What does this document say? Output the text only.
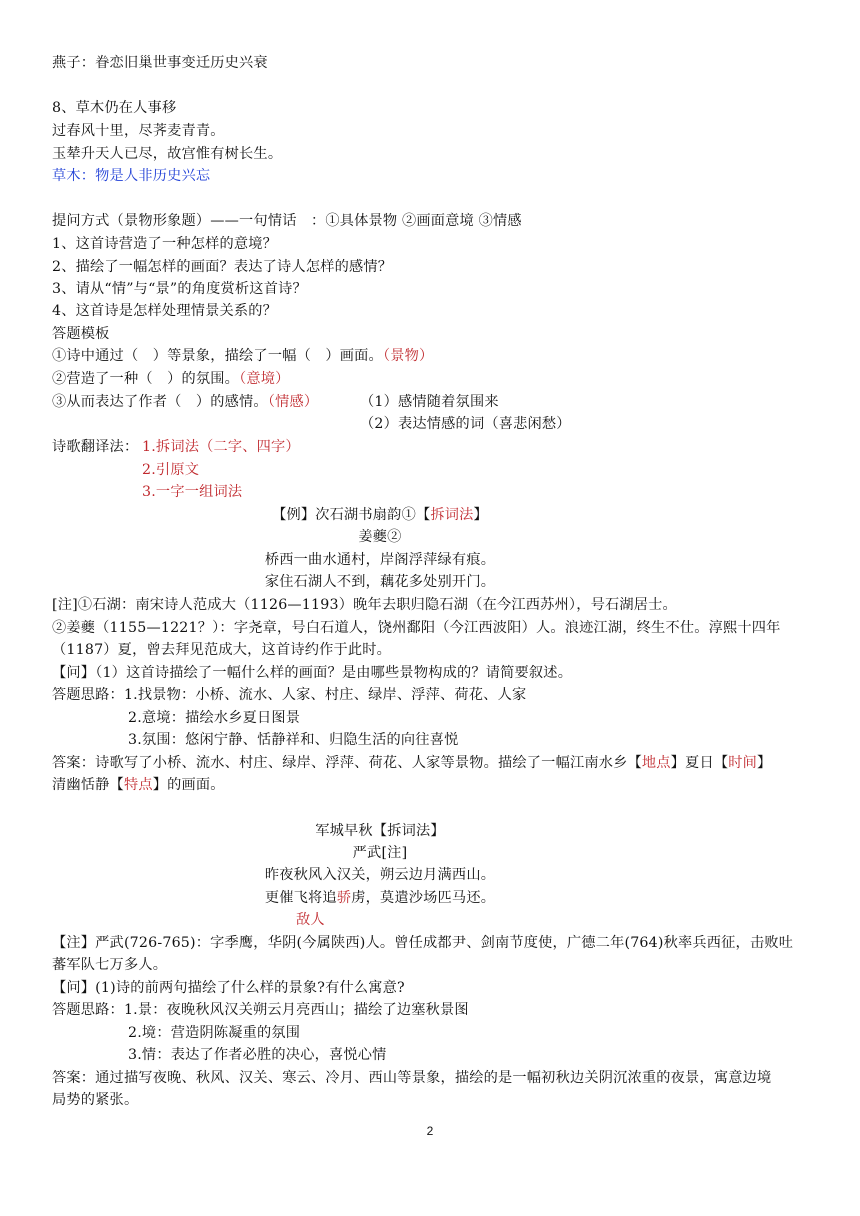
燕子：眷恋旧巢世事变迁历史兴衰
8、草木仍在人事移
过春风十里，尽荠麦青青。
玉辇升天人已尽，故宫惟有树长生。
草木：物是人非历史兴忘
提问方式（景物形象题）——一句情话　：①具体景物 ②画面意境 ③情感
1、这首诗营造了一种怎样的意境？
2、描绘了一幅怎样的画面？表达了诗人怎样的感情？
3、请从“情”与“景”的角度赏析这首诗？
4、这首诗是怎样处理情景关系的？
答题模板
①诗中通过（　）等景象，描绘了一幅（　）画面。（景物）
②营造了一种（　）的氛围。（意境）
③从而表达了作者（　）的感情。（情感）	（1）感情随着氛围来
（2）表达情感的词（喜悲闲愁）
诗歌翻译法： 1.拆词法（二字、四字）
2.引原文
3.一字一组词法
【例】次石湖书扇韵①【拆词法】
姜夔②
桥西一曲水通村，岸阁浮萍绿有痕。
家住石湖人不到，藕花多处别开门。
[注]①石湖：南宋诗人范成大（1126—1193）晚年去职归隐石湖（在今江西苏州），号石湖居士。
②姜夔（1155—1221？）：字尧章，号白石道人，饶州鄱阳（今江西波阳）人。浪迹江湖，终生不仕。淳熙十四年
（1187）夏，曾去拜见范成大，这首诗约作于此时。
【问】（1）这首诗描绘了一幅什么样的画面？是由哪些景物构成的？请简要叙述。
答题思路：1.找景物：小桥、流水、人家、村庄、绿岸、浮萍、荷花、人家
2.意境：描绘水乡夏日图景
3.氛围：悠闲宁静、恬静祥和、归隐生活的向往喜悦
答案：诗歌写了小桥、流水、村庄、绿岸、浮萍、荷花、人家等景物。描绘了一幅江南水乡【地点】夏日【时间】
清幽恬静【特点】的画面。
军城早秋【拆词法】
严武[注]
昨夜秋风入汉关，朔云边月满西山。
更催飞将追骄虏，莫遣沙场匹马还。
敌人
【注】严武(726-765)：字季鹰，华阴(今属陕西)人。曾任成都尹、剑南节度使，广德二年(764)秋率兵西征，击败吐
蕃军队七万多人。
【问】(1)诗的前两句描绘了什么样的景象?有什么寓意?
答题思路：1.景：夜晚秋风汉关朔云月亮西山；描绘了边塞秋景图
2.境：营造阴陈凝重的氛围
3.情：表达了作者必胜的决心，喜悦心情
答案：通过描写夜晚、秋风、汉关、寒云、冷月、西山等景象，描绘的是一幅初秋边关阴沉浓重的夜景，寓意边境
局势的紧张。
2
